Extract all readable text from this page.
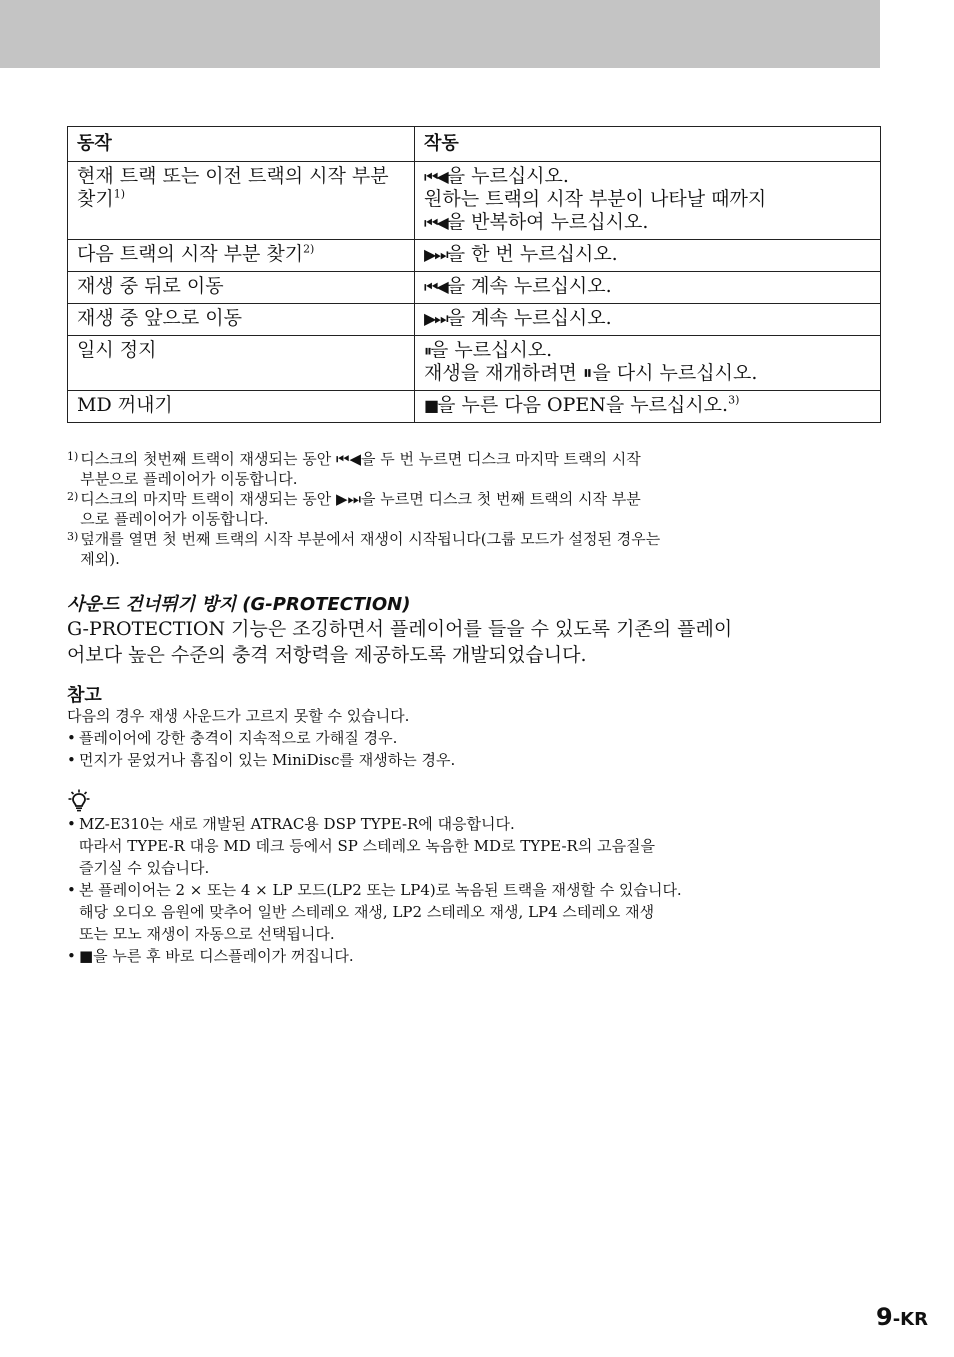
동작	작동
현재 트랙 또는 이전 트랙의 시작 부분 찾기$^{1)}$	⏮◀을 누르십시오.
원하는 트랙의 시작 부분이 나타날 때까지
⏮◀을 반복하여 누르십시오.

다음 트랙의 시작 부분 찾기$^{2)}$	▶⏭을 한 번 누르십시오.

재생 중 뒤로 이동	⏮◀을 계속 누르십시오.

재생 중 앞으로 이동	▶⏭을 계속 누르십시오.

일시 정지	⏸을 누르십시오.
재생을 재개하려면 ⏸을 다시 누르십시오.

MD 꺼내기	■을 누른 다음 OPEN을 누르십시오.$^{3)}$
1) 디스크의 첫번째 트랙이 재생되는 동안 ⏮◀을 두 번 누르면 디스크 마지막 트랙의 시작
부분으로 플레이어가 이동합니다.
2) 디스크의 마지막 트랙이 재생되는 동안 ▶⏭을 누르면 디스크 첫 번째 트랙의 시작 부분
으로 플레이어가 이동합니다.
3) 덮개를 열면 첫 번째 트랙의 시작 부분에서 재생이 시작됩니다(그룹 모드가 설정된 경우는
제외).
사운드 건너뛰기 방지 (G-PROTECTION)
G-PROTECTION 기능은 조깅하면서 플레이어를 들을 수 있도록 기존의 플레이
어보다 높은 수준의 충격 저항력을 제공하도록 개발되었습니다.
참고
다음의 경우 재생 사운드가 고르지 못할 수 있습니다.
• 플레이어에 강한 충격이 지속적으로 가해질 경우.
• 먼지가 묻었거나 흠집이 있는 MiniDisc를 재생하는 경우.
• MZ-E310는 새로 개발된 ATRAC용 DSP TYPE-R에 대응합니다.
따라서 TYPE-R 대응 MD 데크 등에서 SP 스테레오 녹음한 MD로 TYPE-R의 고음질을
즐기실 수 있습니다.
• 본 플레이어는 2 × 또는 4 × LP 모드(LP2 또는 LP4)로 녹음된 트랙을 재생할 수 있습니다.
해당 오디오 음원에 맞추어 일반 스테레오 재생, LP2 스테레오 재생, LP4 스테레오 재생
또는 모노 재생이 자동으로 선택됩니다.
• ■을 누른 후 바로 디스플레이가 꺼집니다.
9-KR
